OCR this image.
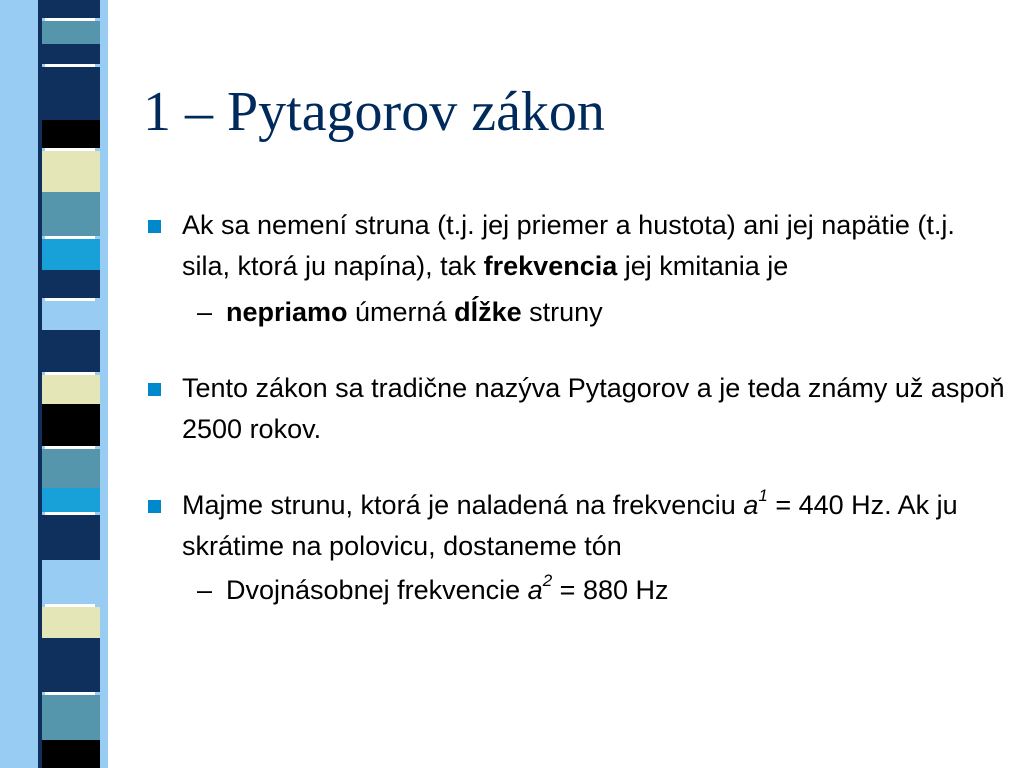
1 – Pytagorov zákon
Ak sa nemení struna (t.j. jej priemer a hustota) ani jej napätie (t.j. sila, ktorá ju napína), tak frekvencia jej kmitania je
– nepriamo úmerná dĺžke struny
Tento zákon sa tradične nazýva Pytagorov a je teda známy už aspoň 2500 rokov.
Majme strunu, ktorá je naladená na frekvenciu $a^1 = 440$ Hz. Ak ju skrátime na polovicu, dostaneme tón
– Dvojnásobnej frekvencie $a^2 = 880$ Hz
